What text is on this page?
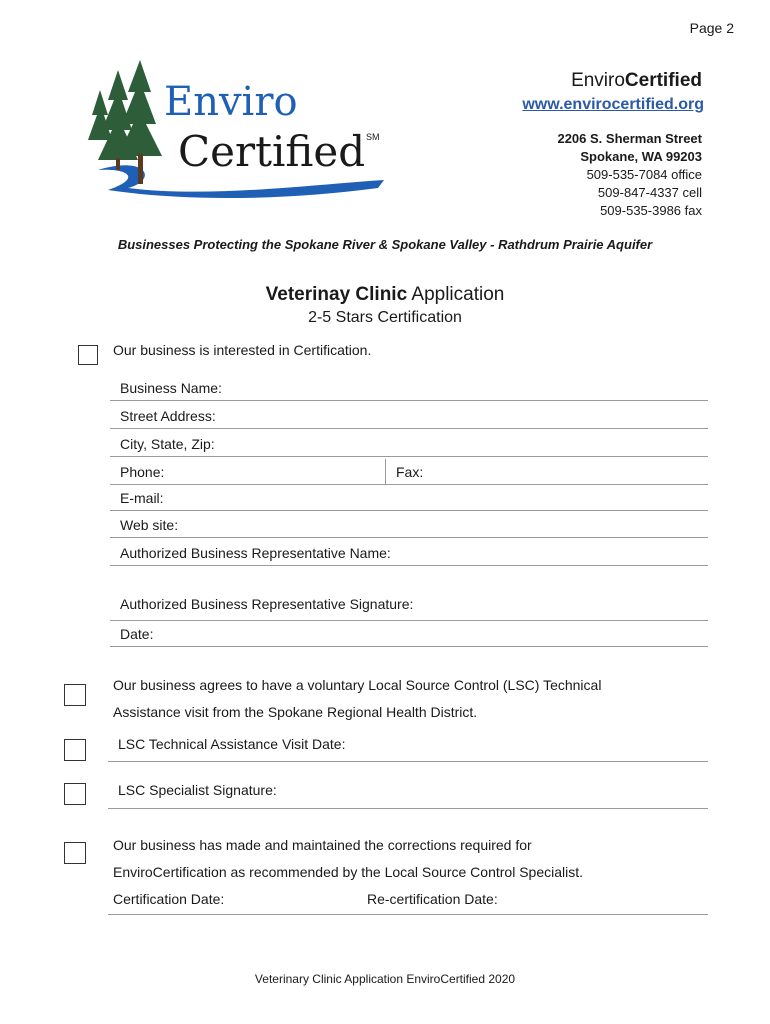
Page 2
Enviro
Certified SM
EnviroCertified
www.envirocertified.org
2206 S. Sherman Street
Spokane, WA 99203
509-535-7084 office
509-847-4337 cell
509-535-3986 fax
Businesses Protecting the Spokane River & Spokane Valley - Rathdrum Prairie Aquifer
Veterinay Clinic Application
2-5 Stars Certification
Our business is interested in Certification.
Business Name:
Street Address:
City, State, Zip:
Phone:	Fax:
E-mail:
Web site:
Authorized Business Representative Name:
Authorized Business Representative Signature:
Date:
Our business agrees to have a voluntary Local Source Control (LSC) Technical
Assistance visit from the Spokane Regional Health District.
LSC Technical Assistance Visit Date:
LSC Specialist Signature:
Our business has made and maintained the corrections required for
EnviroCertification as recommended by the Local Source Control Specialist.
Certification Date:	Re-certification Date:
Veterinary Clinic Application EnviroCertified 2020
